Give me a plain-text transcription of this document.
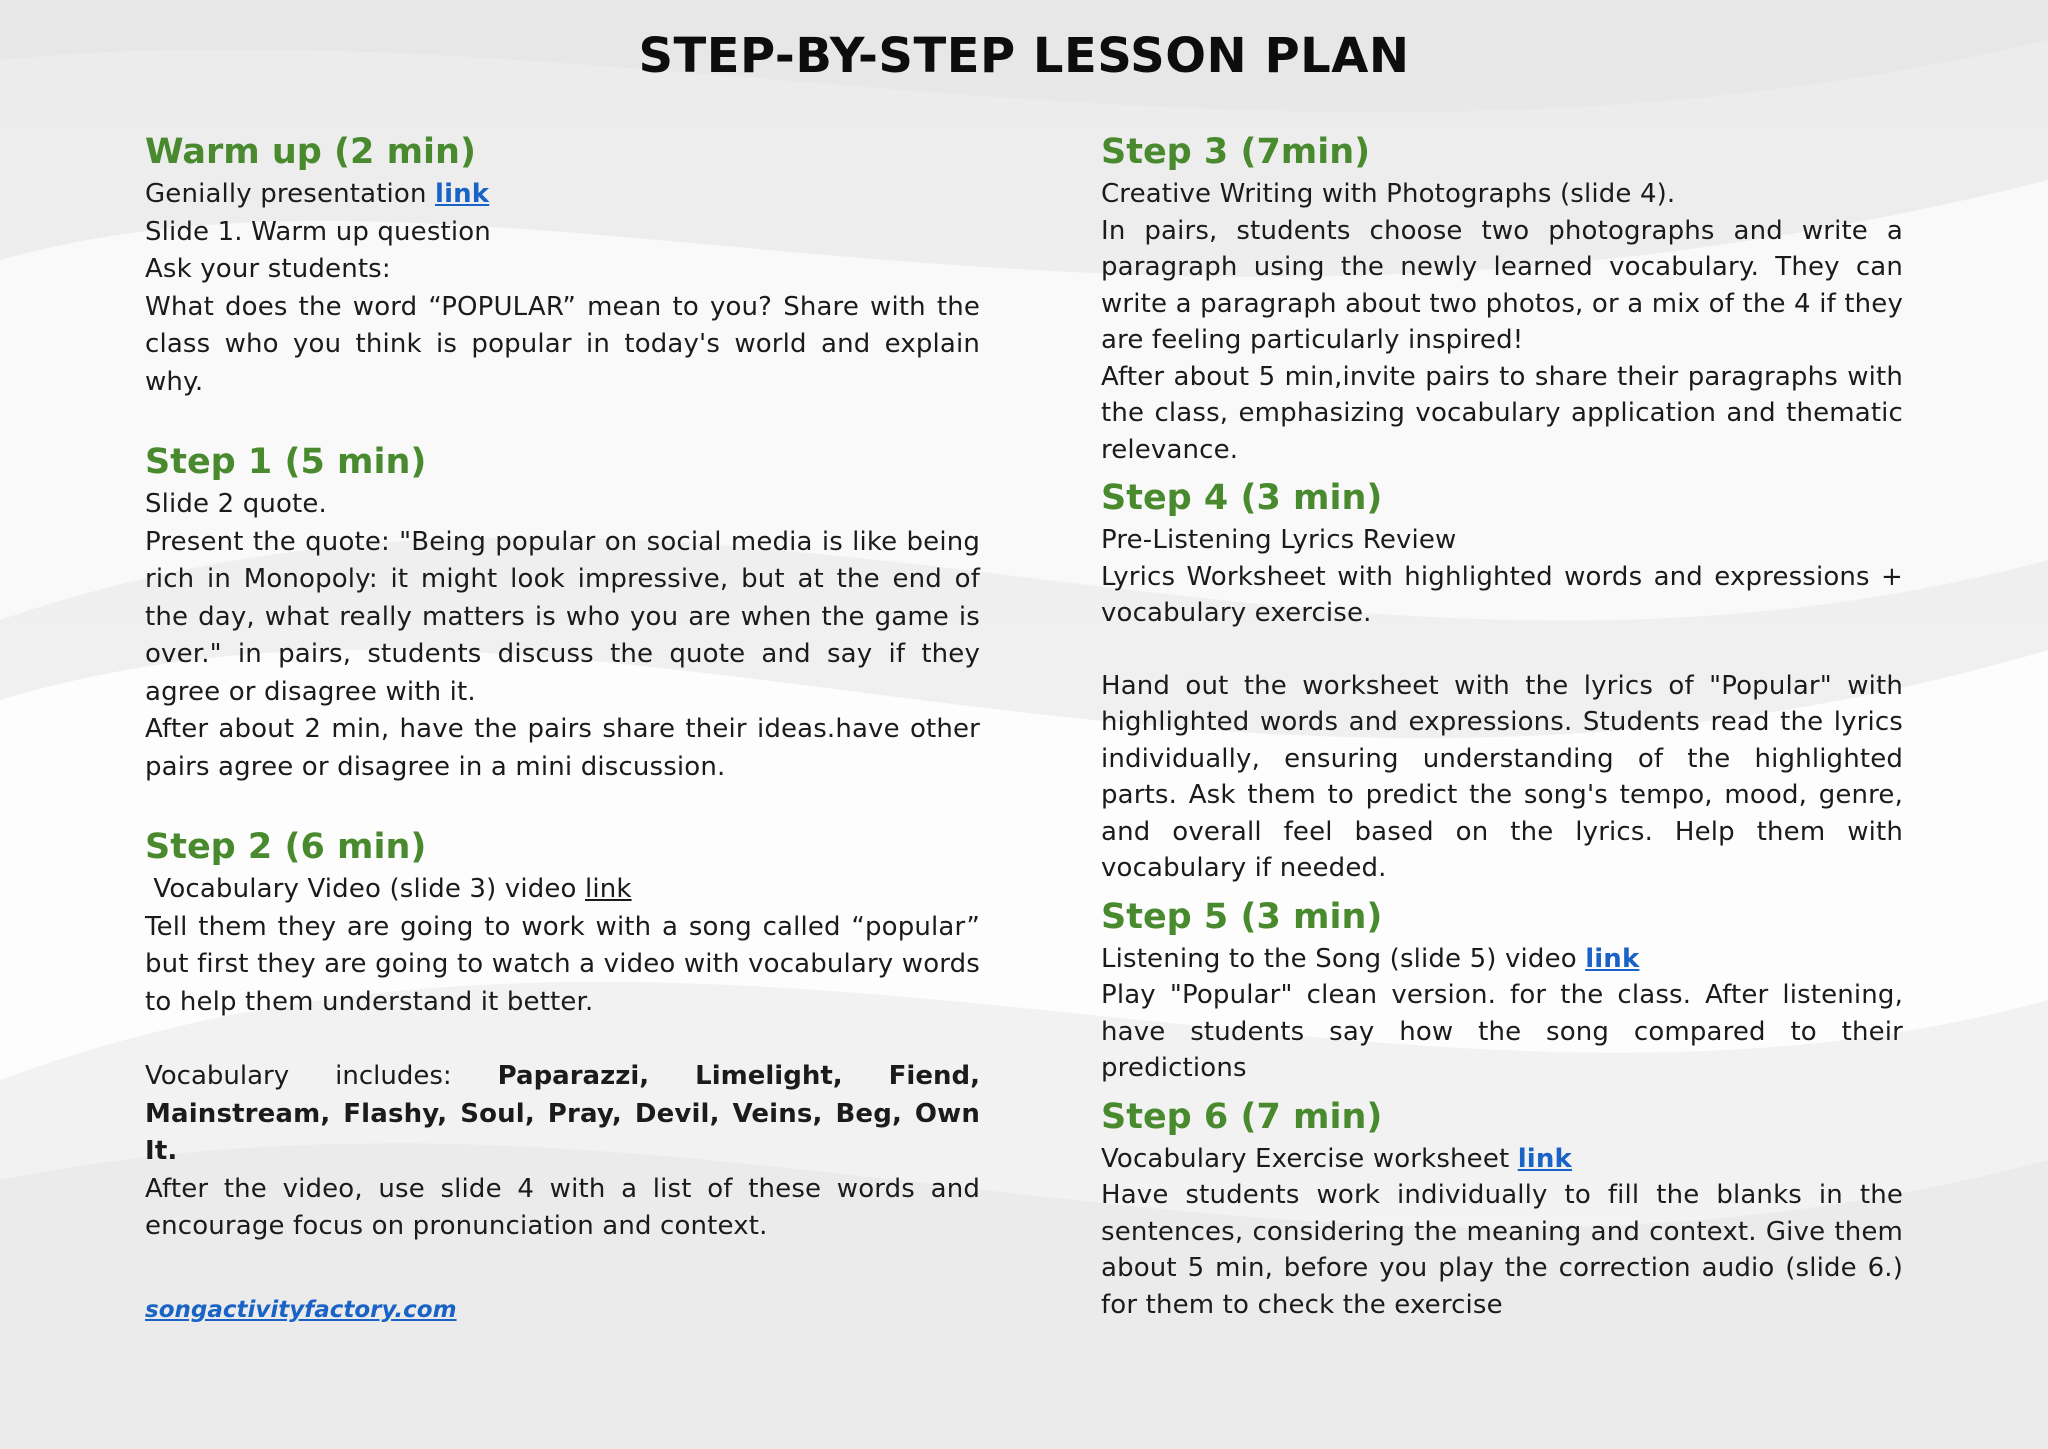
STEP-BY-STEP LESSON PLAN
Warm up (2 min)

Genially presentation link

Slide 1. Warm up question

Ask your students:

What does the word “POPULAR” mean to you? Share with the class who you think is popular in today's world and explain why.

Step 1 (5 min)

Slide 2 quote.

Present the quote: "Being popular on social media is like being rich in Monopoly: it might look impressive, but at the end of the day, what really matters is who you are when the game is over." in pairs, students discuss the quote and say if they agree or disagree with it.

After about 2 min, have the pairs share their ideas.have other pairs agree or disagree in a mini discussion.

Step 2 (6 min)

Vocabulary Video (slide 3) video link

Tell them they are going to work with a song called “popular” but first they are going to watch a video with vocabulary words to help them understand it better.

Vocabulary includes: Paparazzi, Limelight, Fiend,

Mainstream, Flashy, Soul, Pray, Devil, Veins, Beg, Own It.

After the video, use slide 4 with a list of these words and encourage focus on pronunciation and context.

Step 3 (7min)

Creative Writing with Photographs (slide 4).

In pairs, students choose two photographs and write a paragraph using the newly learned vocabulary. They can write a paragraph about two photos, or a mix of the 4 if they are feeling particularly inspired!

After about 5 min,invite pairs to share their paragraphs with the class, emphasizing vocabulary application and thematic relevance.

Step 4 (3 min)

Pre-Listening Lyrics Review

Lyrics Worksheet with highlighted words and expressions + vocabulary exercise.

Hand out the worksheet with the lyrics of "Popular" with highlighted words and expressions. Students read the lyrics individually, ensuring understanding of the highlighted parts. Ask them to predict the song's tempo, mood, genre, and overall feel based on the lyrics. Help them with vocabulary if needed.

Step 5 (3 min)

Listening to the Song (slide 5) video link

Play "Popular" clean version. for the class. After listening, have students say how the song compared to their predictions

Step 6 (7 min)

Vocabulary Exercise worksheet link

Have students work individually to fill the blanks in the sentences, considering the meaning and context. Give them about 5 min, before you play the correction audio (slide 6.) for them to check the exercise

songactivityfactory.com
